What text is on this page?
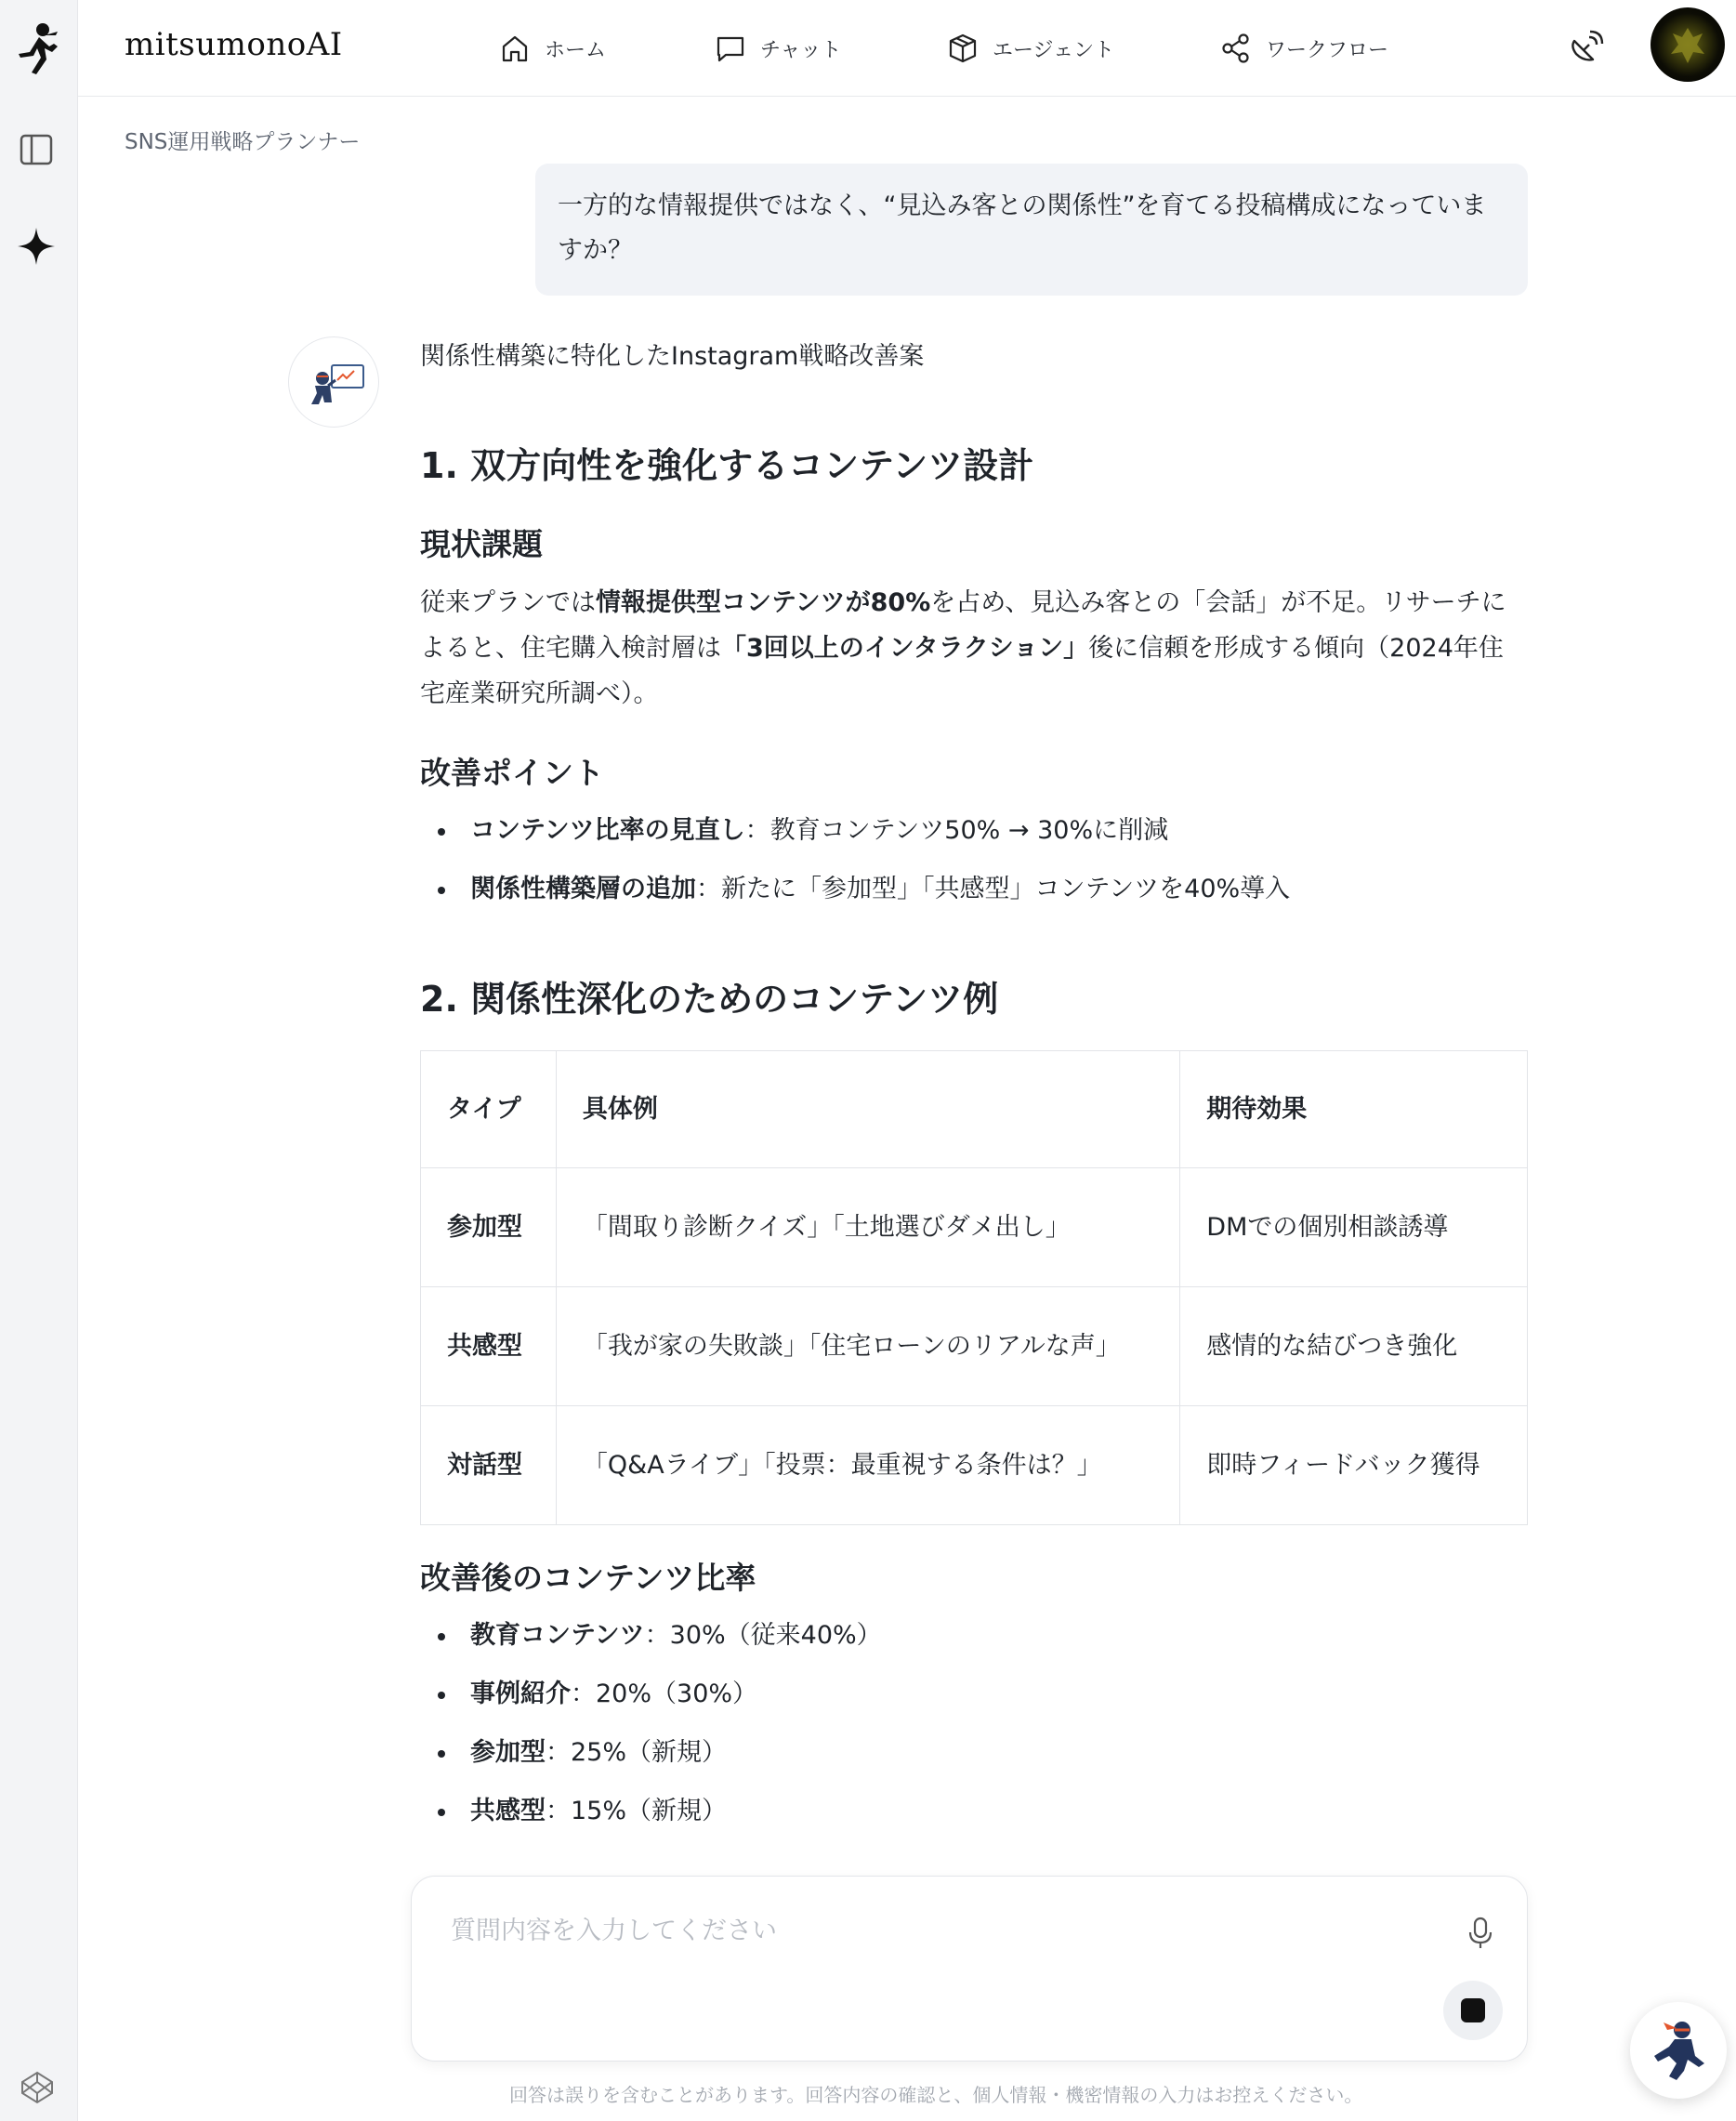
mitsumonoAI	ホーム	チャット	エージェント	ワークフロー
SNS運用戦略プランナー
一方的な情報提供ではなく、“見込み客との関係性”を育てる投稿構成になっていますか？
関係性構築に特化したInstagram戦略改善案
1. 双方向性を強化するコンテンツ設計
現状課題

従来プランでは情報提供型コンテンツが80%を占め、見込み客との「会話」が不足。リサーチによると、住宅購入検討層は「3回以上のインタラクション」後に信頼を形成する傾向（2024年住宅産業研究所調べ）。

改善ポイント
コンテンツ比率の見直し：教育コンテンツ50% → 30%に削減
関係性構築層の追加：新たに「参加型」「共感型」コンテンツを40%導入
2. 関係性深化のためのコンテンツ例
タイプ	具体例	期待効果
参加型	「間取り診断クイズ」「土地選びダメ出し」	DMでの個別相談誘導
共感型	「我が家の失敗談」「住宅ローンのリアルな声」	感情的な結びつき強化
対話型	「Q&Aライブ」「投票：最重視する条件は？」	即時フィードバック獲得
改善後のコンテンツ比率
教育コンテンツ：30%（従来40%）
事例紹介：20%（30%）
参加型：25%（新規）
共感型：15%（新規）
質問内容を入力してください
回答は誤りを含むことがあります。回答内容の確認と、個人情報・機密情報の入力はお控えください。
